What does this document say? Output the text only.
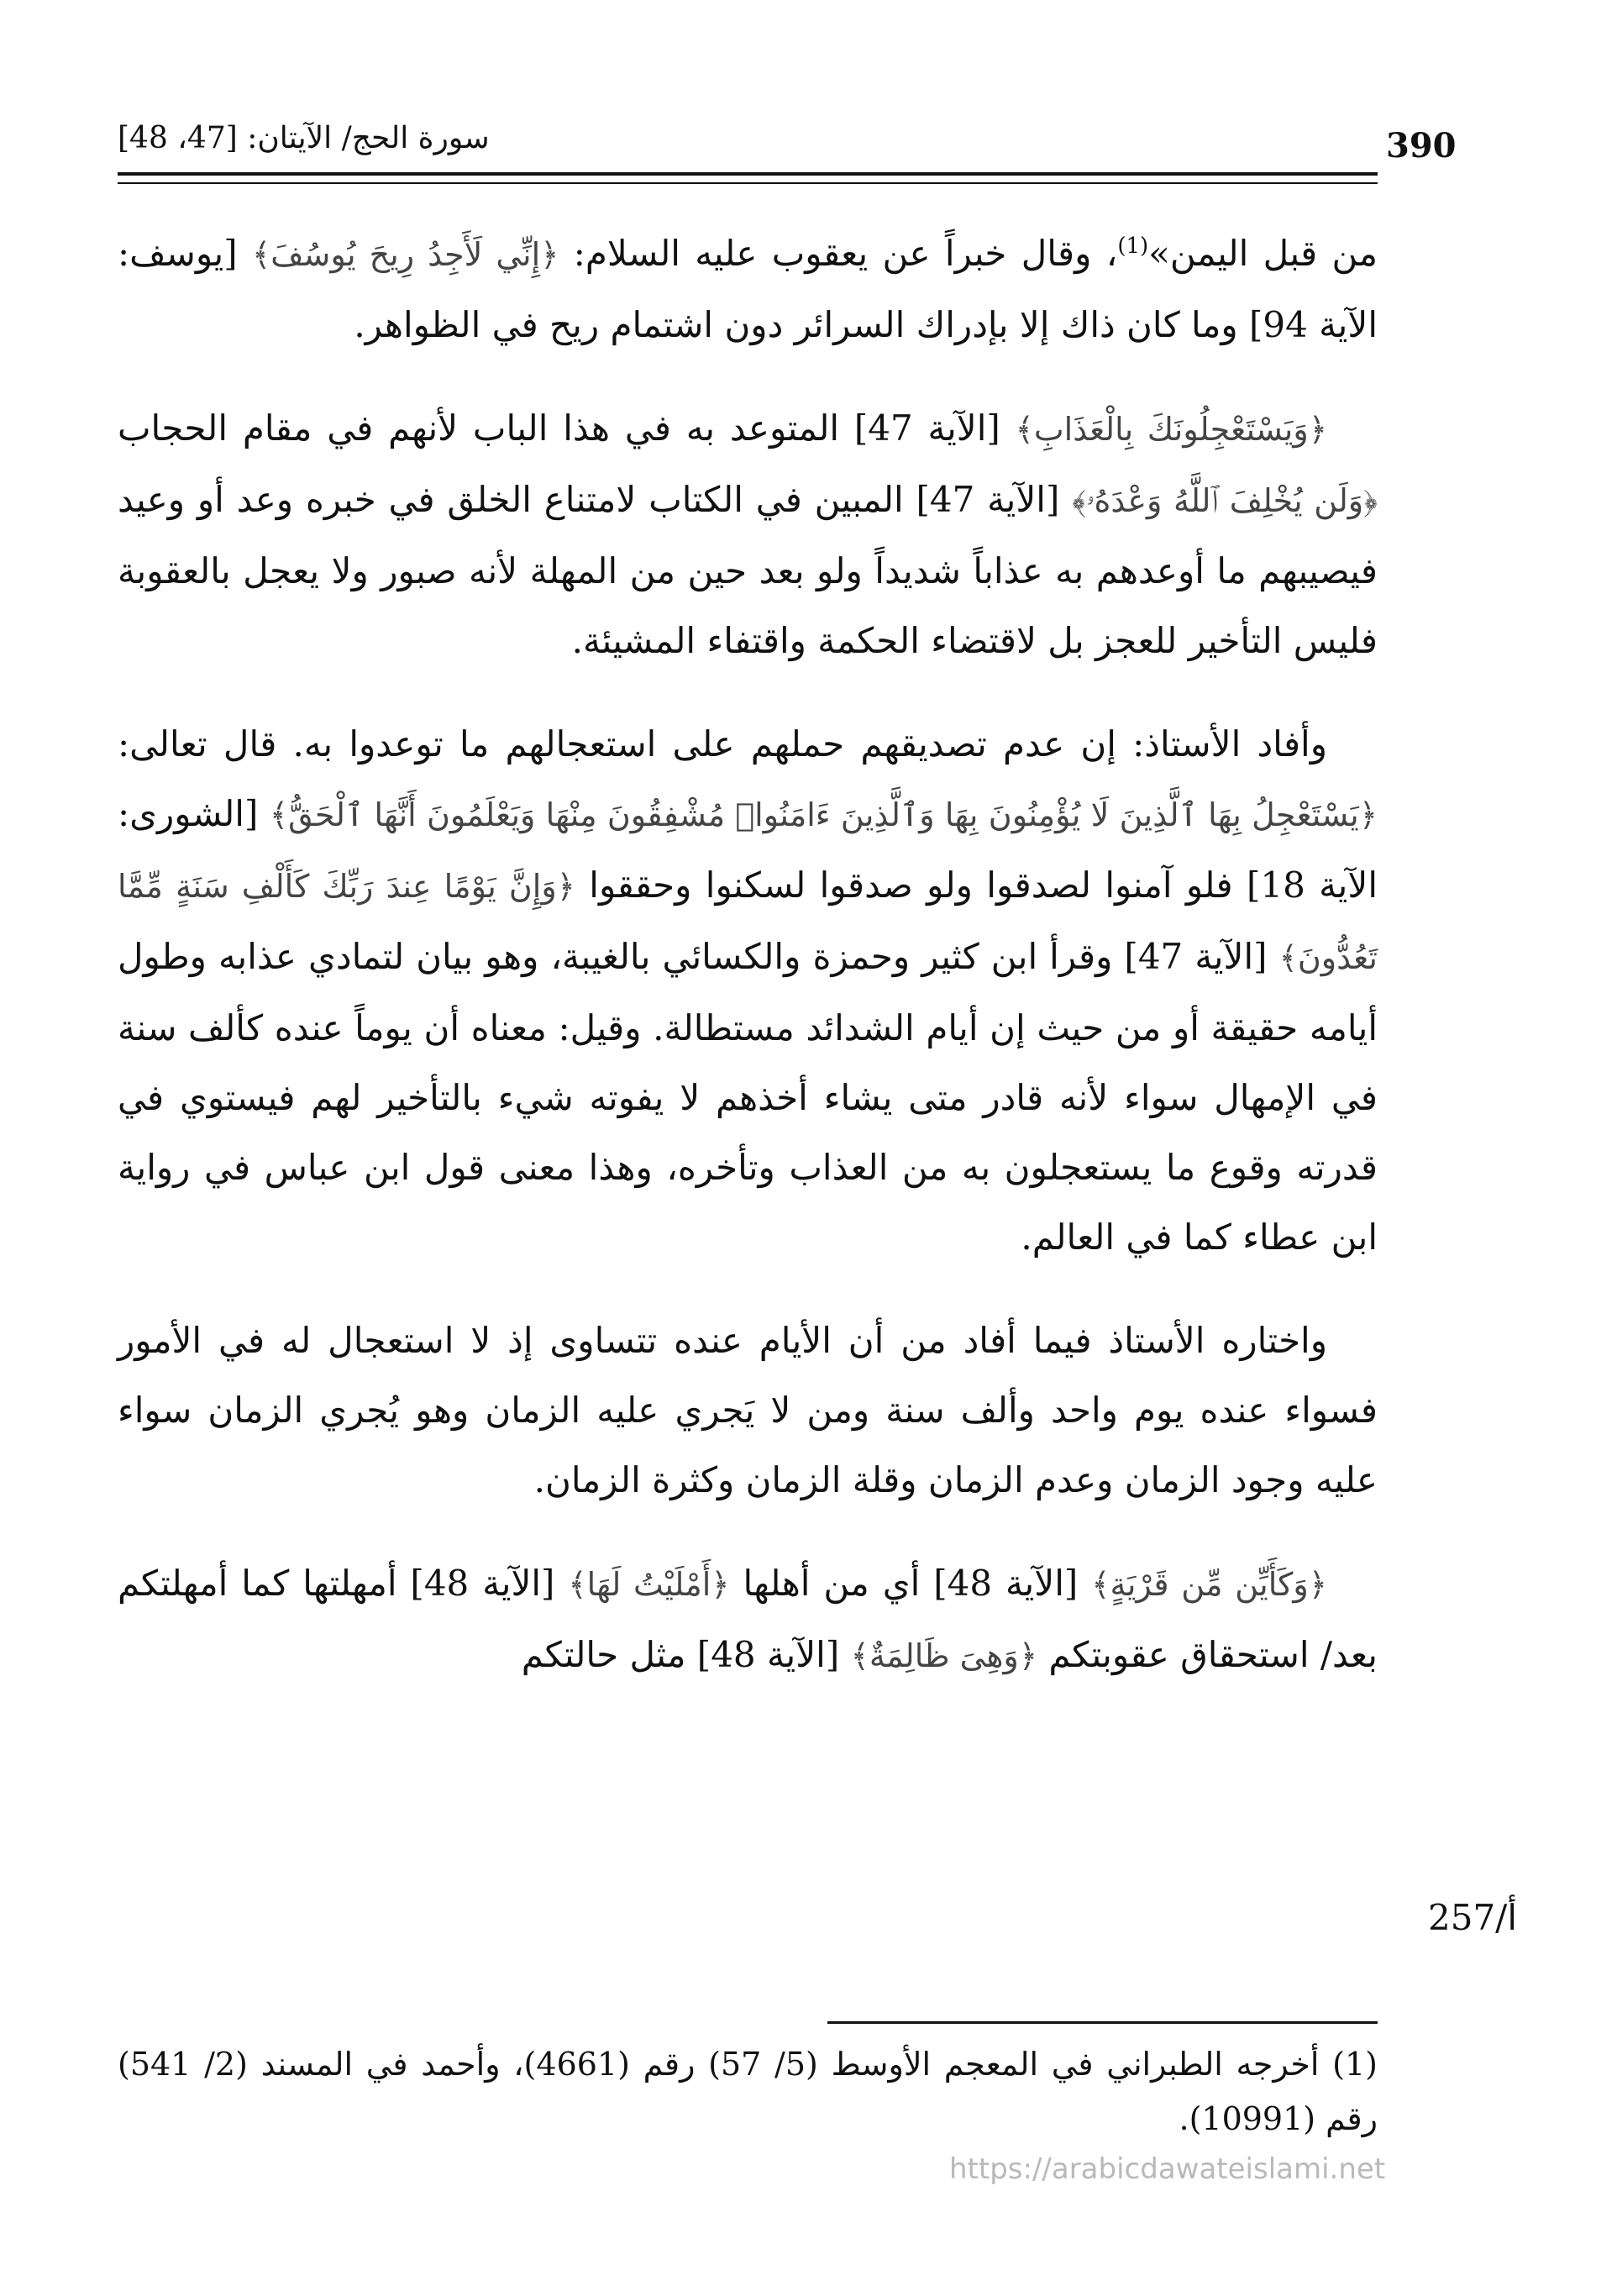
390
سورة الحج/ الآيتان: [47، 48]

من قبل اليمن»$^{(1)}$، وقال خبراً عن يعقوب عليه السلام: ﴿إِنِّي لَأَجِدُ رِيحَ يُوسُفَ﴾ [يوسف: الآية 94] وما كان ذاك إلا بإدراك السرائر دون اشتمام ريح في الظواهر.

﴿وَيَسْتَعْجِلُونَكَ بِالْعَذَابِ﴾ [الآية 47] المتوعد به في هذا الباب لأنهم في مقام الحجاب ﴿وَلَن يُخْلِفَ ٱللَّهُ وَعْدَهُۥ﴾ [الآية 47] المبين في الكتاب لامتناع الخلق في خبره وعد أو وعيد فيصيبهم ما أوعدهم به عذاباً شديداً ولو بعد حين من المهلة لأنه صبور ولا يعجل بالعقوبة فليس التأخير للعجز بل لاقتضاء الحكمة واقتفاء المشيئة.

وأفاد الأستاذ: إن عدم تصديقهم حملهم على استعجالهم ما توعدوا به. قال تعالى: ﴿يَسْتَعْجِلُ بِهَا ٱلَّذِينَ لَا يُؤْمِنُونَ بِهَا وَٱلَّذِينَ ءَامَنُوا۟ مُشْفِقُونَ مِنْهَا وَيَعْلَمُونَ أَنَّهَا ٱلْحَقُّ﴾ [الشورى: الآية 18] فلو آمنوا لصدقوا ولو صدقوا لسكنوا وحققوا ﴿وَإِنَّ يَوْمًا عِندَ رَبِّكَ كَأَلْفِ سَنَةٍ مِّمَّا تَعُدُّونَ﴾ [الآية 47] وقرأ ابن كثير وحمزة والكسائي بالغيبة، وهو بيان لتمادي عذابه وطول أيامه حقيقة أو من حيث إن أيام الشدائد مستطالة. وقيل: معناه أن يوماً عنده كألف سنة في الإمهال سواء لأنه قادر متى يشاء أخذهم لا يفوته شيء بالتأخير لهم فيستوي في قدرته وقوع ما يستعجلون به من العذاب وتأخره، وهذا معنى قول ابن عباس في رواية ابن عطاء كما في العالم.

واختاره الأستاذ فيما أفاد من أن الأيام عنده تتساوى إذ لا استعجال له في الأمور فسواء عنده يوم واحد وألف سنة ومن لا يَجري عليه الزمان وهو يُجري الزمان سواء عليه وجود الزمان وعدم الزمان وقلة الزمان وكثرة الزمان.

﴿وَكَأَيِّن مِّن قَرْيَةٍ﴾ [الآية 48] أي من أهلها ﴿أَمْلَيْتُ لَهَا﴾ [الآية 48] أمهلتها كما أمهلتكم بعد/ استحقاق عقوبتكم ﴿وَهِىَ ظَالِمَةٌ﴾ [الآية 48] مثل حالتكم

257/أ
(1) أخرجه الطبراني في المعجم الأوسط (5/ 57) رقم (4661)، وأحمد في المسند (2/ 541) رقم (10991).
https://arabicdawateislami.net
